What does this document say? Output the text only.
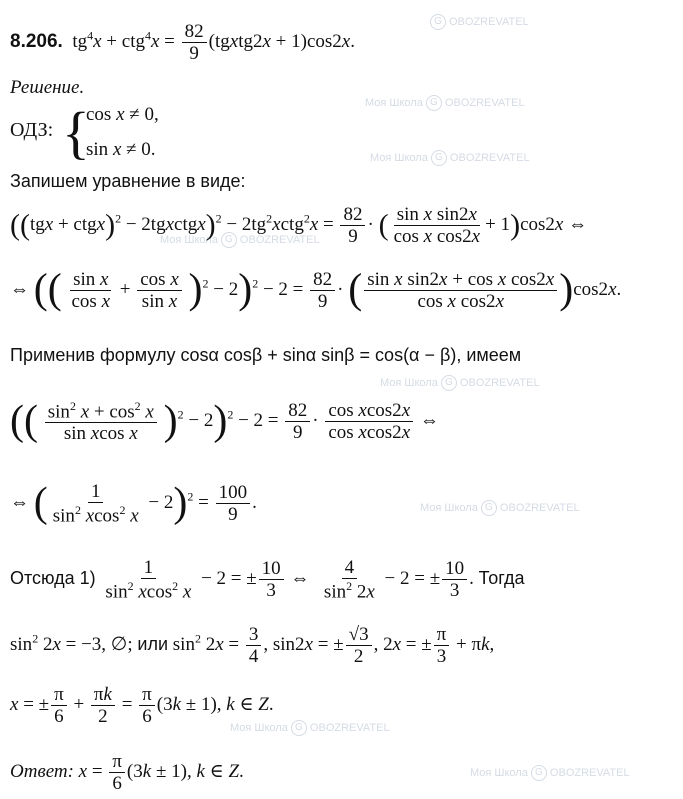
G OBOZREVATEL
Моя Школа G OBOZREVATEL
Моя Школа G OBOZREVATEL
Моя Школа G OBOZREVATEL
Моя Школа G OBOZREVATEL
Моя Школа G OBOZREVATEL
Моя Школа G OBOZREVATEL
Моя Школа G OBOZREVATEL
8.206.  $tg^4x + ctg^4x = \frac{82}{9}$ (tgxtg2x + 1)cos2x.
Решение.
ОДЗ: {
cos x ≠ 0,
sin x ≠ 0.
Запишем уравнение в виде:
((tgx + ctgx)$^2$ − 2tgxctgx)$^2$ − $2tg^2xctg^2x = \frac{82}{9}$ · ( $\frac{\text{sin x sin2x}}{\text{cos x cos2x}} + 1)\cos 2x$ ⇔
⇔ (( $\frac{\text{sin x}}{\text{cos x}} + \frac{\text{cos x}}{\text{sin x}} )^2 - 2)^2 - 2 = \frac{82}{9}$ · ( $\frac{\text{sin x sin2x + cos x cos2x}}{\text{cos x cos2x}} )\cos 2x$.
Применив формулу cosα cosβ + sinα sinβ = cos(α − β), имеем
(( $\frac{\sin^2 x + \cos^2 x}{\text{sin xcos x}} )^2 - 2)^2 - 2 = \frac{82}{9} \cdot \frac{\text{cos xcos2x}}{\text{cos xcos2x}}$ ⇔
⇔ ( $\frac{1}{\sin^2 xcos^2 x} - 2)^2 = \frac{100}{9}$ .
Отсюда $1) \frac{1}{\sin^2 xcos^2 x} - 2$ = ± $\frac{10}{3}$ ⇔ $\frac{4}{\sin^2 2x} - 2$ = ± $\frac{10}{3}$ . Тогда
$\sin^2 2x = -3$, ∅; или $\sin^2 2x = \frac{3}{4}$ , sin2x = ± $\frac{√3}{2}$ , 2x = ± $\frac{\pi}{3} + \pi k$,
x = ± $\frac{\pi}{6} + \frac{\pi k}{2} = \frac{\pi}{6} (3k \pm 1)$, k ∈ Z.
Ответ: $x = \frac{\pi}{6} (3k \pm 1)$, k ∈ Z.
